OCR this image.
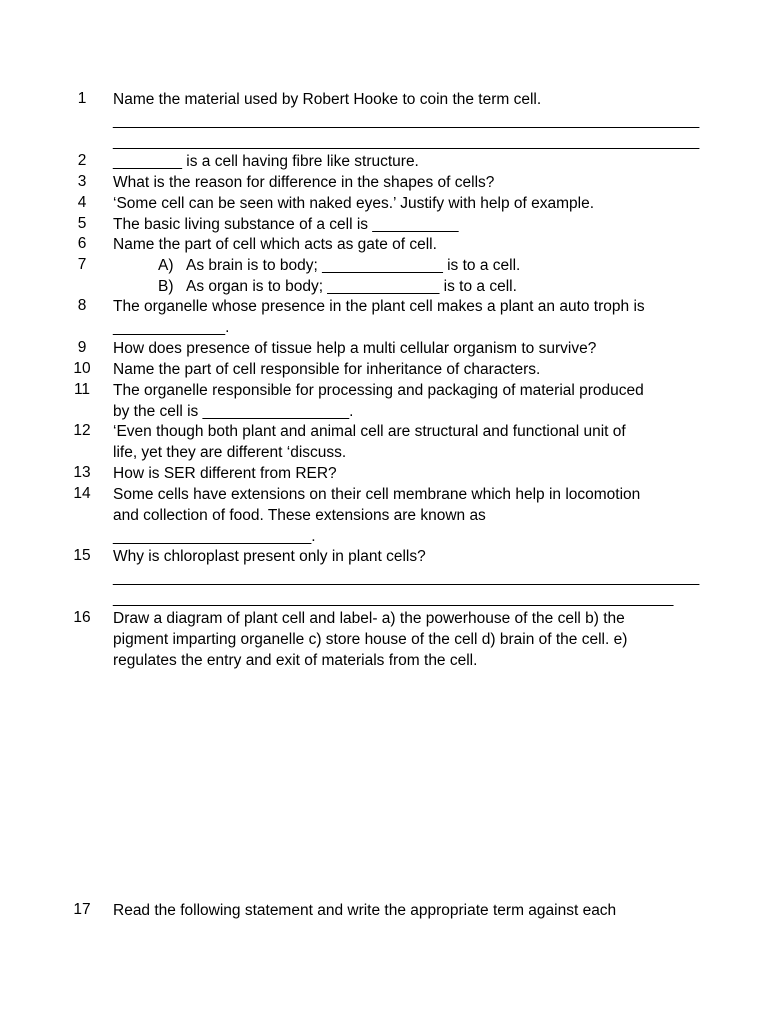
1	Name the material used by Robert Hooke to coin the term cell.
____________________________________________________________________
____________________________________________________________________
2	________ is a cell having fibre like structure.
3	What is the reason for difference in the shapes of cells?
4	‘Some cell can be seen with naked eyes.’ Justify with help of example.
5	The basic living substance of a cell is __________
6	Name the part of cell which acts as gate of cell.
7	A) As brain is to body; ______________ is to a cell.
B) As organ is to body; _____________ is to a cell.
8	The organelle whose presence in the plant cell makes a plant an auto troph is
_____________.
9	How does presence of tissue help a multi cellular organism to survive?
10	Name the part of cell responsible for inheritance of characters.
11	The organelle responsible for processing and packaging of material produced
by the cell is _________________.
12	‘Even though both plant and animal cell are structural and functional unit of
life, yet they are different ‘discuss.
13	How is SER different from RER?
14	Some cells have extensions on their cell membrane which help in locomotion
and collection of food. These extensions are known as
_______________________.
15	Why is chloroplast present only in plant cells?
____________________________________________________________________
_________________________________________________________________
16	Draw a diagram of plant cell and label- a) the powerhouse of the cell b) the
pigment imparting organelle c) store house of the cell d) brain of the cell. e)
regulates the entry and exit of materials from the cell.
17	Read the following statement and write the appropriate term against each
